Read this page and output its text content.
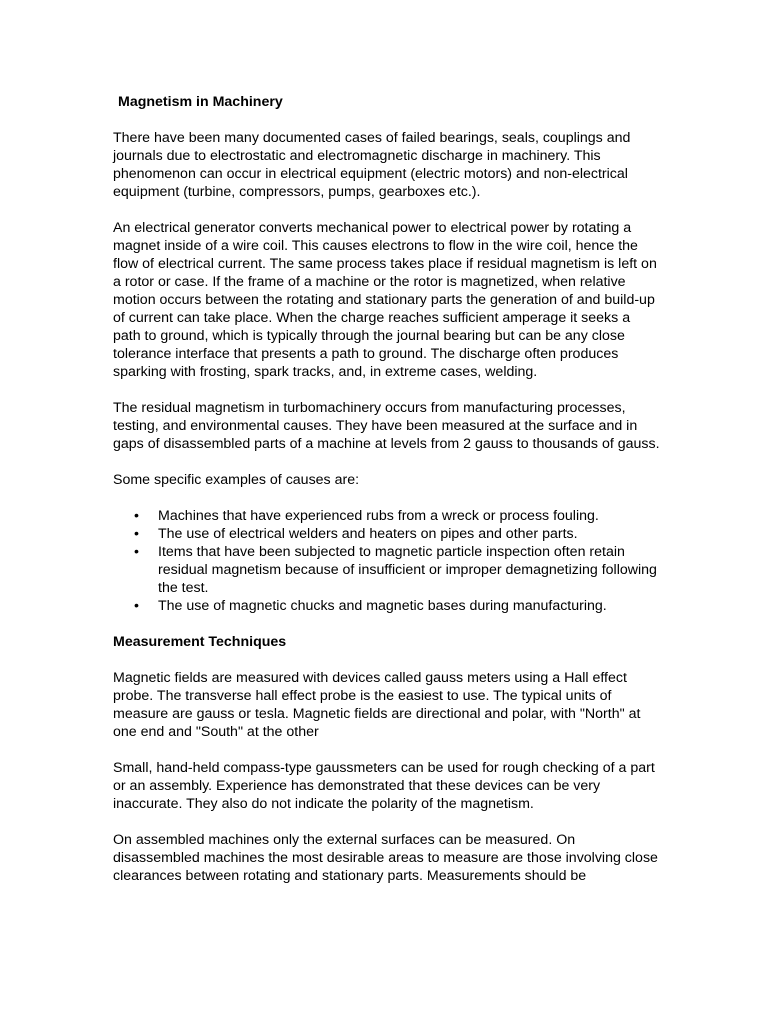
Magnetism in Machinery

There have been many documented cases of failed bearings, seals, couplings and journals due to electrostatic and electromagnetic discharge in machinery. This phenomenon can occur in electrical equipment (electric motors) and non-electrical equipment (turbine, compressors, pumps, gearboxes etc.).

An electrical generator converts mechanical power to electrical power by rotating a magnet inside of a wire coil. This causes electrons to flow in the wire coil, hence the flow of electrical current. The same process takes place if residual magnetism is left on a rotor or case. If the frame of a machine or the rotor is magnetized, when relative motion occurs between the rotating and stationary parts the generation of and build-up of current can take place. When the charge reaches sufficient amperage it seeks a path to ground, which is typically through the journal bearing but can be any close tolerance interface that presents a path to ground. The discharge often produces sparking with frosting, spark tracks, and, in extreme cases, welding.

The residual magnetism in turbomachinery occurs from manufacturing processes, testing, and environmental causes. They have been measured at the surface and in gaps of disassembled parts of a machine at levels from 2 gauss to thousands of gauss.

Some specific examples of causes are:

• Machines that have experienced rubs from a wreck or process fouling.
• The use of electrical welders and heaters on pipes and other parts.
• Items that have been subjected to magnetic particle inspection often retain residual magnetism because of insufficient or improper demagnetizing following the test.
• The use of magnetic chucks and magnetic bases during manufacturing.
Measurement Techniques

Magnetic fields are measured with devices called gauss meters using a Hall effect probe. The transverse hall effect probe is the easiest to use. The typical units of measure are gauss or tesla. Magnetic fields are directional and polar, with "North" at one end and "South" at the other

Small, hand-held compass-type gaussmeters can be used for rough checking of a part or an assembly. Experience has demonstrated that these devices can be very inaccurate. They also do not indicate the polarity of the magnetism.

On assembled machines only the external surfaces can be measured. On disassembled machines the most desirable areas to measure are those involving close clearances between rotating and stationary parts. Measurements should be
